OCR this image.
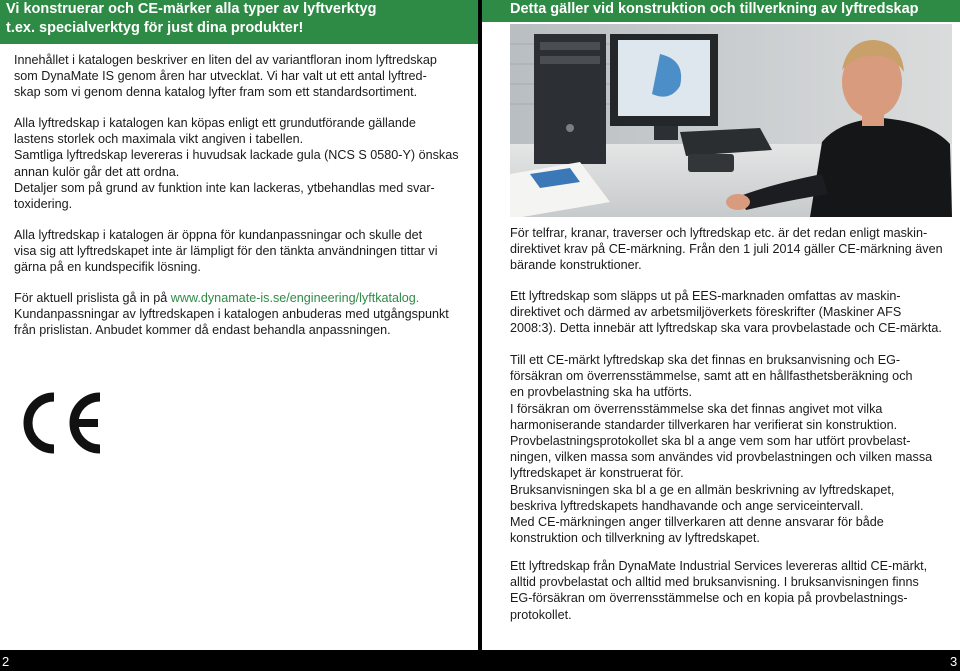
Vi konstruerar och CE-märker alla typer av lyftverktyg
t.ex. specialverktyg för just dina produkter!
Innehållet i katalogen beskriver en liten del av variantfloran inom lyftredskap
som DynaMate IS genom åren har utvecklat. Vi har valt ut ett antal lyftred-
skap som vi genom denna katalog lyfter fram som ett standardsortiment.
Alla lyftredskap i katalogen kan köpas enligt ett grundutförande gällande
lastens storlek och maximala vikt angiven i tabellen.
Samtliga lyftredskap levereras i huvudsak lackade gula (NCS S 0580-Y) önskas
annan kulör går det att ordna.
Detaljer som på grund av funktion inte kan lackeras, ytbehandlas med svar-
toxidering.
Alla lyftredskap i katalogen är öppna för kundanpassningar och skulle det
visa sig att lyftredskapet inte är lämpligt för den tänkta användningen tittar vi
gärna på en kundspecifik lösning.
För aktuell prislista gå in på www.dynamate-is.se/engineering/lyftkatalog.
Kundanpassningar av lyftredskapen i katalogen anbuderas med utgångspunkt
från prislistan. Anbudet kommer då endast behandla anpassningen.
Detta gäller vid konstruktion och tillverkning av lyftredskap
För telfrar, kranar, traverser och lyftredskap etc. är det redan enligt maskin-
direktivet krav på CE-märkning. Från den 1 juli 2014 gäller CE-märkning även
bärande konstruktioner.
Ett lyftredskap som släpps ut på EES-marknaden omfattas av maskin-
direktivet och därmed av arbetsmiljöverkets föreskrifter (Maskiner AFS
2008:3). Detta innebär att lyftredskap ska vara provbelastade och CE-märkta.
Till ett CE-märkt lyftredskap ska det finnas en bruksanvisning och EG-
försäkran om överrensstämmelse, samt att en hållfasthetsberäkning och
en provbelastning ska ha utförts.
I försäkran om överrensstämmelse ska det finnas angivet mot vilka
harmoniserande standarder tillverkaren har verifierat sin konstruktion.
Provbelastningsprotokollet ska bl a ange vem som har utfört provbelast-
ningen, vilken massa som användes vid provbelastningen och vilken massa
lyftredskapet är konstruerat för.
Bruksanvisningen ska bl a ge en allmän beskrivning av lyftredskapet,
beskriva lyftredskapets handhavande och ange serviceintervall.
Med CE-märkningen anger tillverkaren att denne ansvarar för både
konstruktion och tillverkning av lyftredskapet.
Ett lyftredskap från DynaMate Industrial Services levereras alltid CE-märkt,
alltid provbelastat och alltid med bruksanvisning. I bruksanvisningen finns
EG-försäkran om överrensstämmelse och en kopia på provbelastnings-
protokollet.
2	3
